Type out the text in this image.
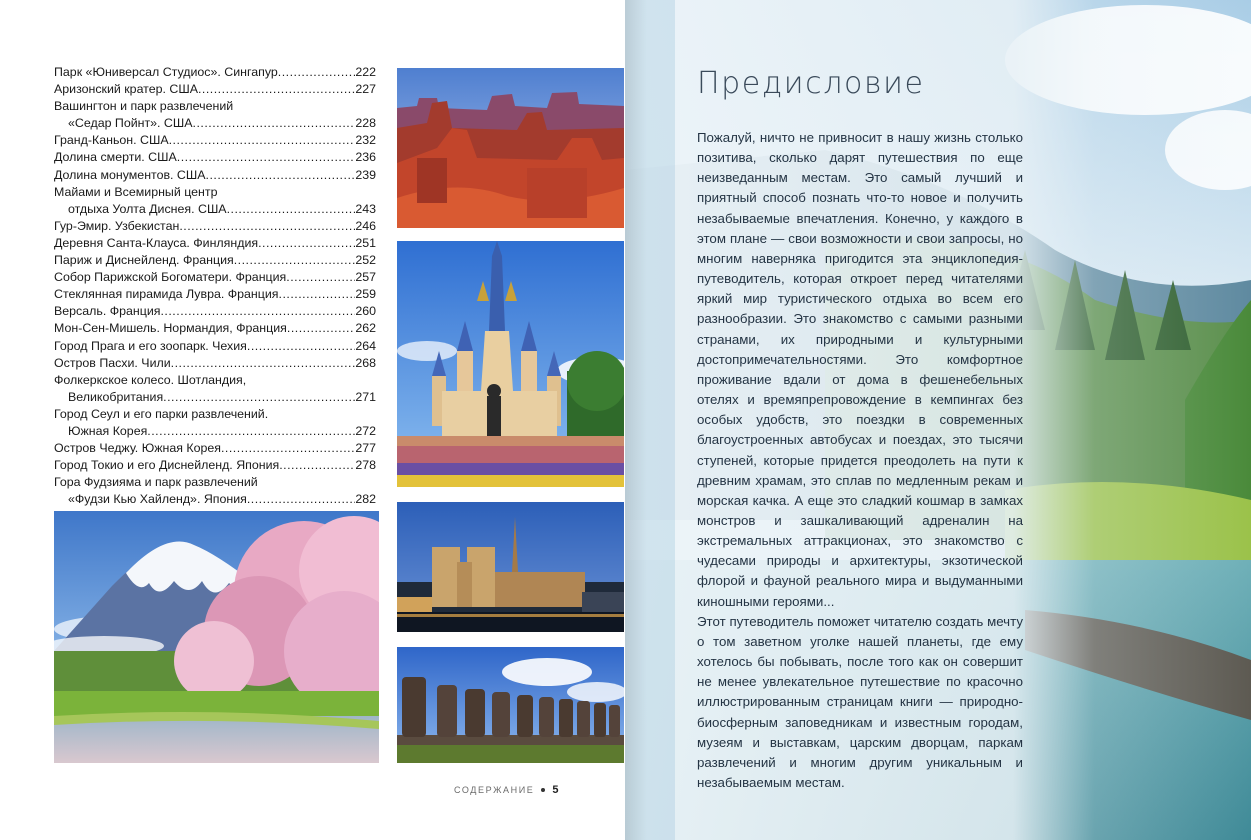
Парк «Юниверсал Студиос». Сингапур .....	222
Аризонский кратер. США .....	227
Вашингтон и парк развлечений
«Седар Пойнт». США .....	228
Гранд-Каньон. США .....	232
Долина смерти. США .....	236
Долина монументов. США .....	239
Майами и Всемирный центр
отдыха Уолта Диснея. США .....	243
Гур-Эмир. Узбекистан .....	246
Деревня Санта-Клауса. Финляндия .....	251
Париж и Диснейленд. Франция .....	252
Собор Парижской Богоматери. Франция .....	257
Стеклянная пирамида Лувра. Франция .....	259
Версаль. Франция .....	260
Мон-Сен-Мишель. Нормандия, Франция .....	262
Город Прага и его зоопарк. Чехия .....	264
Остров Пасхи. Чили .....	268
Фолкеркское колесо. Шотландия,
Великобритания .....	271
Город Сеул и его парки развлечений.
Южная Корея .....	272
Остров Чеджу. Южная Корея .....	277
Город Токио и его Диснейленд. Япония .....	278
Гора Фудзияма и парк развлечений
«Фудзи Кью Хайленд». Япония .....	282
СОДЕРЖАНИЕ 5
Предисловие

Пожалуй, ничто не привносит в нашу жизнь столько позитива, сколько дарят путешествия по еще неизведанным местам. Это самый лучший и приятный способ познать что-то новое и получить незабываемые впечатления. Конечно, у каждого в этом плане — свои возможности и свои запросы, но многим наверняка пригодится эта энциклопедия-путеводитель, которая откроет перед читателями яркий мир туристического отдыха во всем его разнообразии. Это знакомство с самыми разными странами, их природными и культурными достопримечательностями. Это комфортное проживание вдали от дома в фешенебельных отелях и времяпрепровождение в кемпингах без особых удобств, это поездки в современных благоустроенных автобусах и поездах, это тысячи ступеней, которые придется преодолеть на пути к древним храмам, это сплав по медленным рекам и морская качка. А еще это сладкий кошмар в замках монстров и зашкаливающий адреналин на экстремальных аттракционах, это знакомство с чудесами природы и архитектуры, экзотической флорой и фауной реального мира и выдуманными киношными героями...

Этот путеводитель поможет читателю создать мечту о том заветном уголке нашей планеты, где ему хотелось бы побывать, после того как он совершит не менее увлекательное путешествие по красочно иллюстрированным страницам книги — природно-биосферным заповедникам и известным городам, музеям и выставкам, царским дворцам, паркам развлечений и многим другим уникальным и незабываемым местам.
